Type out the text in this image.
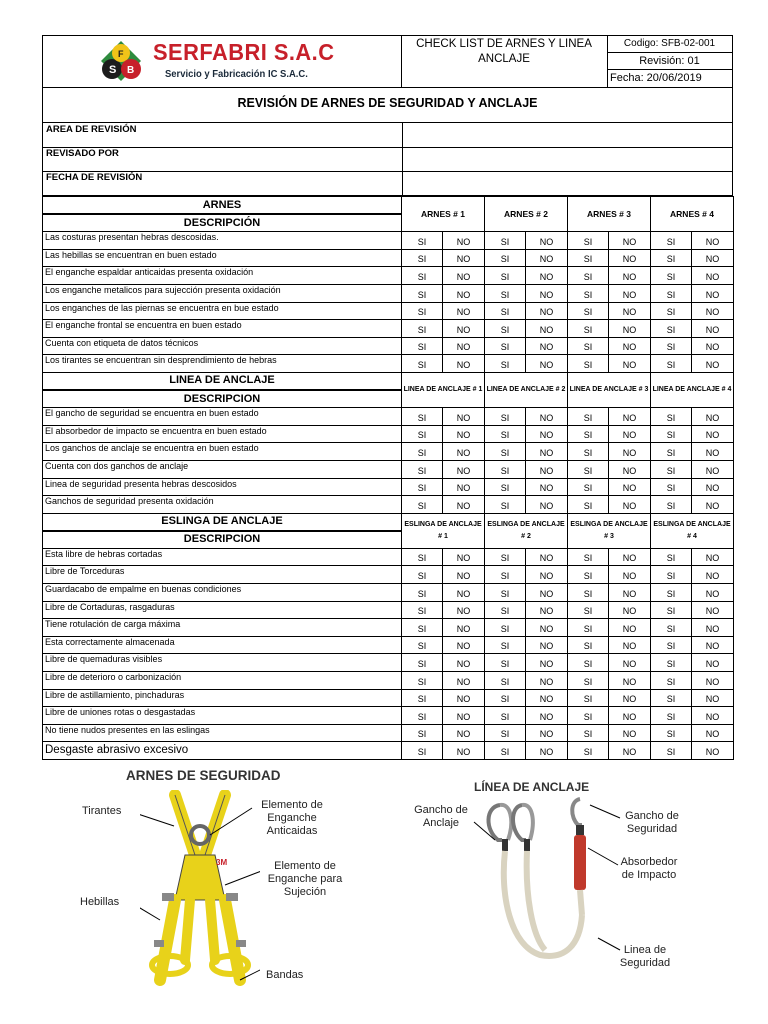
S
F
B
SERFABRI S.A.C
Servicio y Fabricación IC S.A.C.
CHECK LIST DE ARNES Y LINEA
ANCLAJE
Codigo: SFB-02-001
Revisión: 01
Fecha: 20/06/2019
REVISIÓN DE ARNES DE SEGURIDAD Y ANCLAJE
AREA DE REVISIÓN
REVISADO POR
FECHA DE REVISIÓN
ARNES	ARNES # 1		ARNES # 2		ARNES # 3		ARNES # 4	
DESCRIPCIÓN								
Las costuras presentan hebras descosidas.	SI	NO	SI	NO	SI	NO	SI	NO
Las hebillas se encuentran en buen estado	SI	NO	SI	NO	SI	NO	SI	NO
El enganche espaldar anticaidas presenta oxidación	SI	NO	SI	NO	SI	NO	SI	NO
Los enganche metalicos para sujección presenta oxidación	SI	NO	SI	NO	SI	NO	SI	NO
Los enganches de las piernas se encuentra en bue estado	SI	NO	SI	NO	SI	NO	SI	NO
El enganche frontal se encuentra en buen estado	SI	NO	SI	NO	SI	NO	SI	NO
Cuenta con etiqueta de datos técnicos	SI	NO	SI	NO	SI	NO	SI	NO
Los tirantes se encuentran sin desprendimiento de hebras	SI	NO	SI	NO	SI	NO	SI	NO
LINEA DE ANCLAJE	LINEA DE ANCLAJE # 1		LINEA DE ANCLAJE # 2		LINEA DE ANCLAJE # 3		LINEA DE ANCLAJE # 4	
DESCRIPCION								
El gancho de seguridad se encuentra en buen estado	SI	NO	SI	NO	SI	NO	SI	NO
El absorbedor de impacto se encuentra en buen estado	SI	NO	SI	NO	SI	NO	SI	NO
Los ganchos de anclaje se encuentra en buen estado	SI	NO	SI	NO	SI	NO	SI	NO
Cuenta con dos ganchos de anclaje	SI	NO	SI	NO	SI	NO	SI	NO
Linea de seguridad presenta hebras descosidos	SI	NO	SI	NO	SI	NO	SI	NO
Ganchos de seguridad presenta oxidación	SI	NO	SI	NO	SI	NO	SI	NO
ESLINGA DE ANCLAJE	ESLINGA DE ANCLAJE # 1		ESLINGA DE ANCLAJE # 2		ESLINGA DE ANCLAJE # 3		ESLINGA DE ANCLAJE # 4	
DESCRIPCION								
Esta libre de hebras cortadas	SI	NO	SI	NO	SI	NO	SI	NO
Libre de Torceduras	SI	NO	SI	NO	SI	NO	SI	NO
Guardacabo de empalme en buenas condiciones	SI	NO	SI	NO	SI	NO	SI	NO
Libre de Cortaduras, rasgaduras	SI	NO	SI	NO	SI	NO	SI	NO
Tiene rotulación de carga máxima	SI	NO	SI	NO	SI	NO	SI	NO
Esta correctamente almacenada	SI	NO	SI	NO	SI	NO	SI	NO
Libre de quemaduras visibles	SI	NO	SI	NO	SI	NO	SI	NO
Libre de deterioro o carbonización	SI	NO	SI	NO	SI	NO	SI	NO
Libre de astillamiento, pinchaduras	SI	NO	SI	NO	SI	NO	SI	NO
Libre de uniones rotas o desgastadas	SI	NO	SI	NO	SI	NO	SI	NO
No tiene nudos presentes en las eslingas	SI	NO	SI	NO	SI	NO	SI	NO
Desgaste abrasivo excesivo	SI	NO	SI	NO	SI	NO	SI	NO
ARNES DE SEGURIDAD
3M
Tirantes	Elemento de Enganche Anticaidas
Elemento de Enganche para Sujeción
Hebillas
Bandas
LÍNEA DE ANCLAJE
Gancho de Anclaje
Gancho de Seguridad
Absorbedor de Impacto
Linea de Seguridad
